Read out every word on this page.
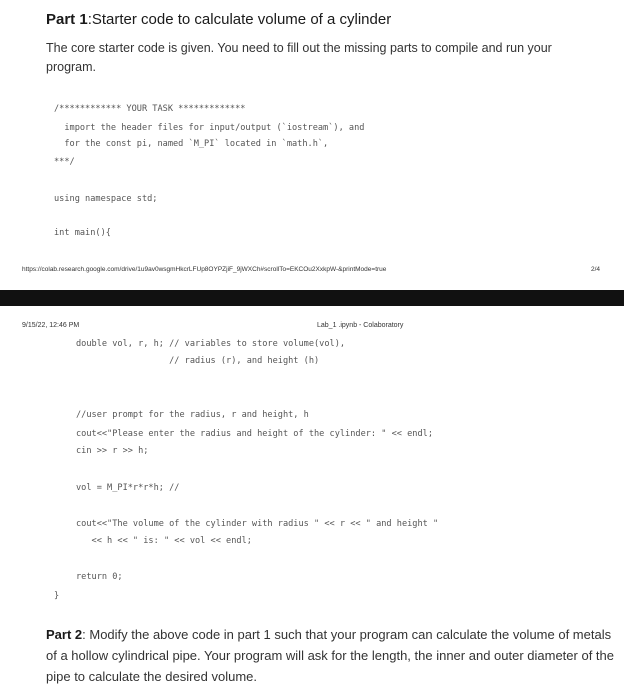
Part 1:Starter code to calculate volume of a cylinder
The core starter code is given. You need to fill out the missing parts to compile and run your program.
/************ YOUR TASK *************
import the header files for input/output (`iostream`), and
for the const pi, named `M_PI` located in `math.h`,
***/
using namespace std;
int main(){
https://colab.research.google.com/drive/1u9av0wsgmHkcrLFUp8OYPZjiF_9jWXCh#scrollTo=EKCOu2XxkpW-&printMode=true	2/4
9/15/22, 12:46 PM	Lab_1 .ipynb - Colaboratory
double vol, r, h; // variables to store volume(vol),
// radius (r), and height (h)
//user prompt for the radius, r and height, h
cout<<"Please enter the radius and height of the cylinder: " << endl;
cin >> r >> h;
vol = M_PI*r*r*h; //
cout<<"The volume of the cylinder with radius " << r << " and height "
<< h << " is: " << vol << endl;
return 0;
}
Part 2: Modify the above code in part 1 such that your program can calculate the volume of metals of a hollow cylindrical pipe. Your program will ask for the length, the inner and outer diameter of the pipe to calculate the desired volume.
